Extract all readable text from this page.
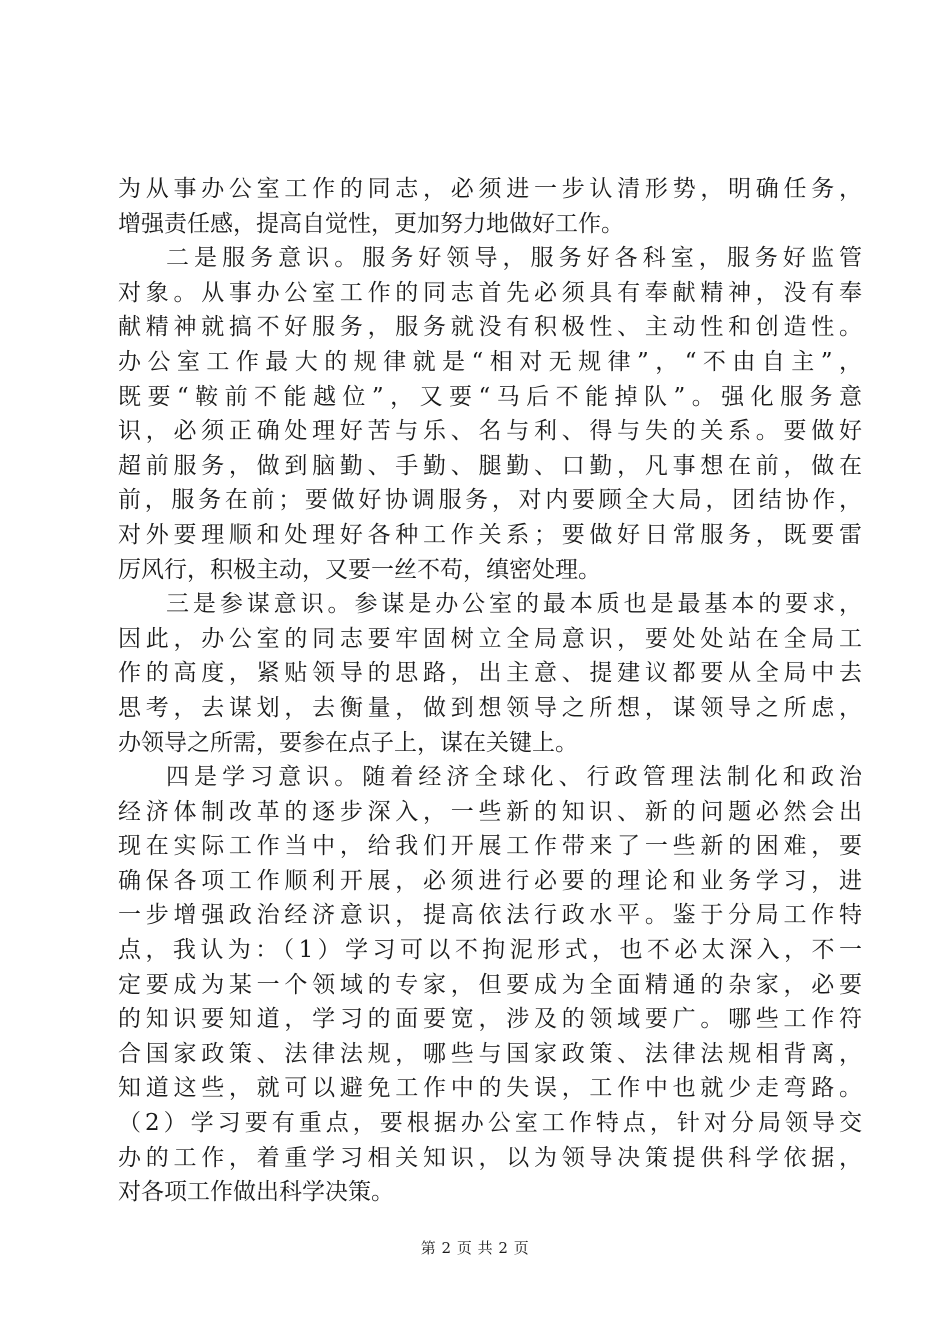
为从事办公室工作的同志，必须进一步认清形势，明确任务，
增强责任感，提高自觉性，更加努力地做好工作。
二是服务意识。服务好领导，服务好各科室，服务好监管
对象。从事办公室工作的同志首先必须具有奉献精神，没有奉
献精神就搞不好服务，服务就没有积极性、主动性和创造性。
办公室工作最大的规律就是“相对无规律”，“不由自主”，
既要“鞍前不能越位”，又要“马后不能掉队”。强化服务意
识，必须正确处理好苦与乐、名与利、得与失的关系。要做好
超前服务，做到脑勤、手勤、腿勤、口勤，凡事想在前，做在
前，服务在前；要做好协调服务，对内要顾全大局，团结协作，
对外要理顺和处理好各种工作关系；要做好日常服务，既要雷
厉风行，积极主动，又要一丝不苟，缜密处理。
三是参谋意识。参谋是办公室的最本质也是最基本的要求，
因此，办公室的同志要牢固树立全局意识，要处处站在全局工
作的高度，紧贴领导的思路，出主意、提建议都要从全局中去
思考，去谋划，去衡量，做到想领导之所想，谋领导之所虑，
办领导之所需，要参在点子上，谋在关键上。
四是学习意识。随着经济全球化、行政管理法制化和政治
经济体制改革的逐步深入，一些新的知识、新的问题必然会出
现在实际工作当中，给我们开展工作带来了一些新的困难，要
确保各项工作顺利开展，必须进行必要的理论和业务学习，进
一步增强政治经济意识，提高依法行政水平。鉴于分局工作特
点，我认为：（1）学习可以不拘泥形式，也不必太深入，不一
定要成为某一个领域的专家，但要成为全面精通的杂家，必要
的知识要知道，学习的面要宽，涉及的领域要广。哪些工作符
合国家政策、法律法规，哪些与国家政策、法律法规相背离，
知道这些，就可以避免工作中的失误，工作中也就少走弯路。
（2）学习要有重点，要根据办公室工作特点，针对分局领导交
办的工作，着重学习相关知识，以为领导决策提供科学依据，
对各项工作做出科学决策。
第 2 页 共 2 页
